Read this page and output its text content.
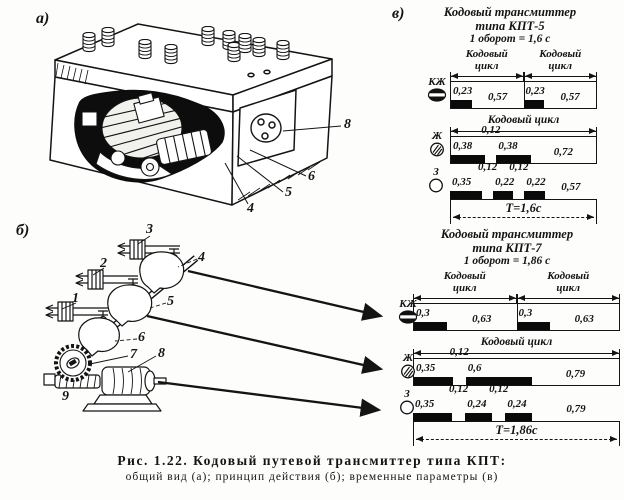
а)
б)
в)
8
6
5
4
3
2
1
4
5
6
7 8
9
Кодовый трансмиттер
типа КПТ-5
1 оборот = 1,6 с
Кодовый
цикл
Кодовый
цикл
0,23 0,57 0,23 0,57
КЖ
Кодовый цикл
0,38
0,12
0,38	0,72
Ж
0,35
0,12
0,22
0,12
0,22 0,57
З
Т=1,6с
Кодовый трансмиттер
типа КПТ-7
1 оборот = 1,86 с
Кодовый
цикл
Кодовый
цикл
0,3	0,63 0,3	0,63
КЖ
Кодовый цикл
0,35
0,12
0,6	0,79
Ж
0,35
0,12
0,24
0,12
0,24	0,79
З
Т=1,86с
Рис. 1.22. Кодовый путевой трансмиттер типа КПТ:
общий вид (а); принцип действия (б); временные параметры (в)
